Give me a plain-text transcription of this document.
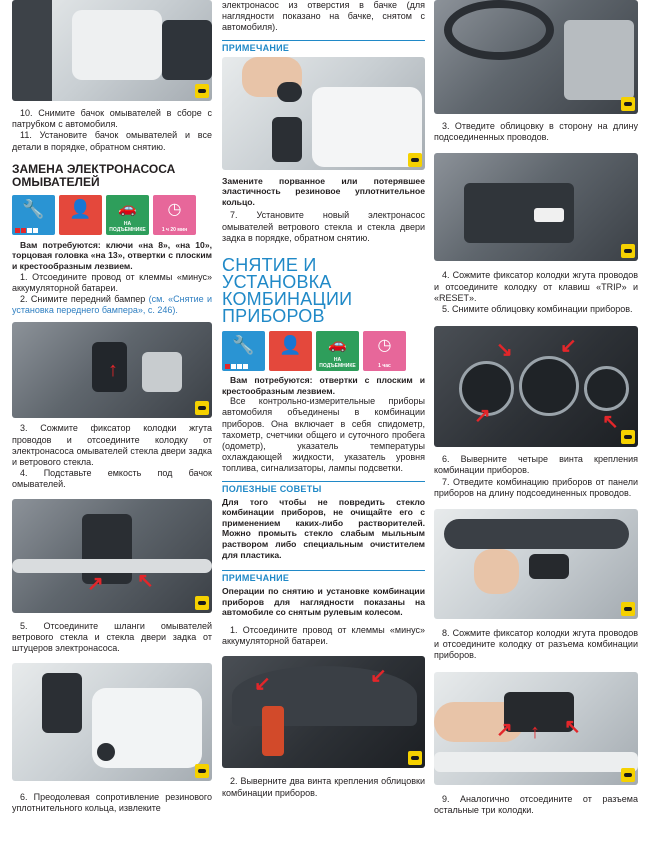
10. Снимите бачок омывателей в сборе с патрубком с автомобиля.

11. Установите бачок омывателей и все детали в порядке, обратном снятию.

ЗАМЕНА ЭЛЕКТРОНАСОСА ОМЫВАТЕЛЕЙ
🔧	👤	🚗
НА ПОДЪЕМНИКЕ
◷
1 ч 20 мин

Вам потребуются: ключи «на 8», «на 10», торцовая головка «на 13», отвертки с плоским и крестообразным лезвием.

1. Отсоедините провод от клеммы «минус» аккумуляторной батареи.

2. Снимите передний бампер (см. «Снятие и установка переднего бампера», с. 246).

↑

3. Сожмите фиксатор колодки жгута проводов и отсоедините колодку от электронасоса омывателей стекла двери задка и ветрового стекла.

4. Подставьте емкость под бачок омывателей.

↗ ↖

5. Отсоедините шланги омывателей ветрового стекла и стекла двери задка от штуцеров электронасоса.

6. Преодолевая сопротивление резинового уплотнительного кольца, извлеките

электронасос из отверстия в бачке (для наглядности показано на бачке, снятом с автомобиля).

ПРИМЕЧАНИЕ

Замените порванное или потерявшее эластичность резиновое уплотнительное кольцо.

7. Установите новый электронасос омывателей ветрового стекла и стекла двери задка в порядке, обратном снятию.

СНЯТИЕ И УСТАНОВКА КОМБИНАЦИИ ПРИБОРОВ
🔧	👤	🚗
НА ПОДЪЕМНИКЕ
◷
1 час

Вам потребуются: отвертки с плоским и крестообразным лезвием.

Все контрольно-измерительные приборы автомобиля объединены в комбинации приборов. Она включает в себя спидометр, тахометр, счетчики общего и суточного пробега (одометр), указатель температуры охлаждающей жидкости, указатель уровня топлива, сигнализаторы, лампы подсветки.

ПОЛЕЗНЫЕ СОВЕТЫ

Для того чтобы не повредить стекло комбинации приборов, не очищайте его с применением каких-либо растворителей. Можно промыть стекло слабым мыльным раствором либо специальным очистителем для пластика.

ПРИМЕЧАНИЕ

Операции по снятию и установке комбинации приборов для наглядности показаны на автомобиле со снятым рулевым колесом.

1. Отсоедините провод от клеммы «минус» аккумуляторной батареи.

↙	↙

2. Выверните два винта крепления облицовки комбинации приборов.

3. Отведите облицовку в сторону на длину подсоединенных проводов.

4. Сожмите фиксатор колодки жгута проводов и отсоедините колодку от клавиш «TRIP» и «RESET».

5. Снимите облицовку комбинации приборов.

↘ ↙
↗	↖

6. Выверните четыре винта крепления комбинации приборов.

7. Отведите комбинацию приборов от панели приборов на длину подсоединенных проводов.

8. Сожмите фиксатор колодки жгута проводов и отсоедините колодку от разъема комбинации приборов.

↗ ↑ ↖

9. Аналогично отсоедините от разъема остальные три колодки.
